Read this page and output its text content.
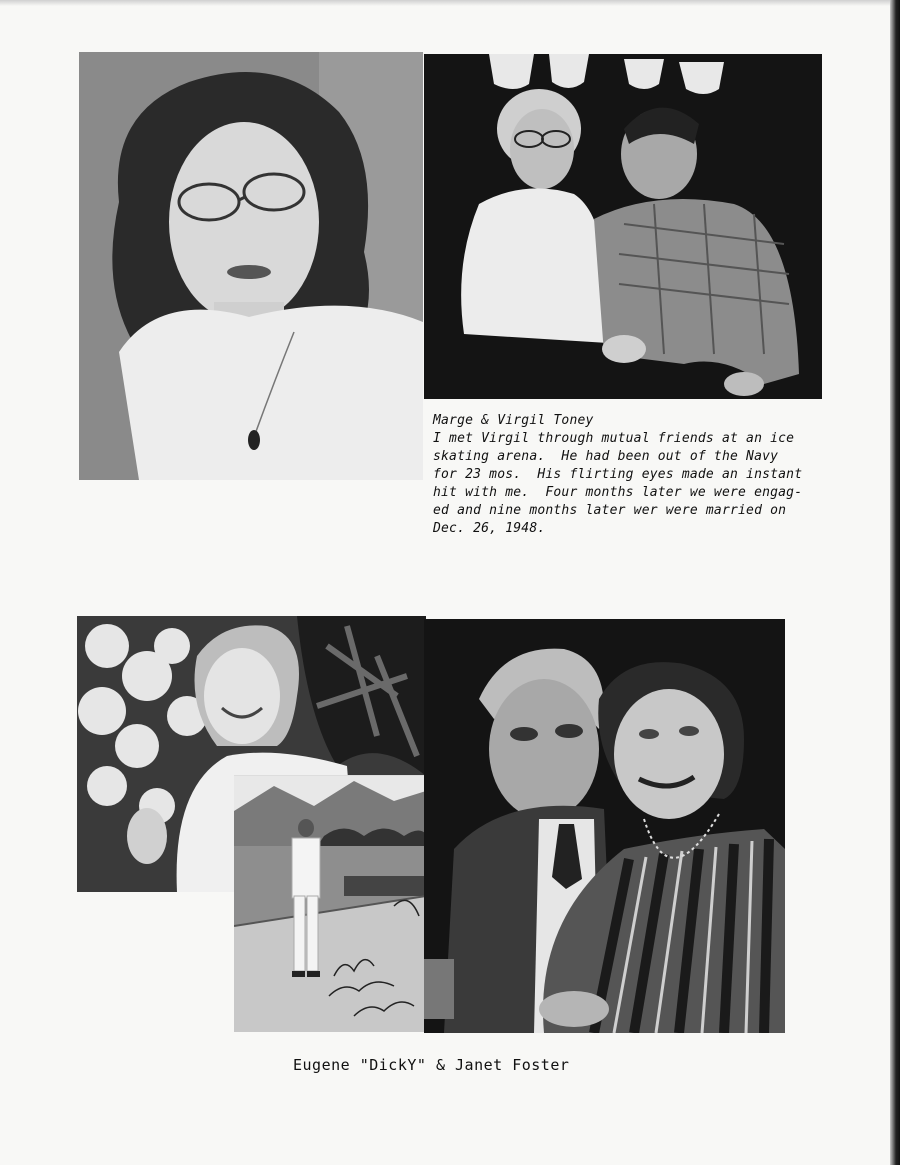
Marge & Virgil Toney
I met Virgil through mutual friends at an ice
skating arena.  He had been out of the Navy
for 23 mos.  His flirting eyes made an instant
hit with me.  Four months later we were engag-
ed and nine months later wer were married on
Dec. 26, 1948.
Eugene "DickY" & Janet Foster
